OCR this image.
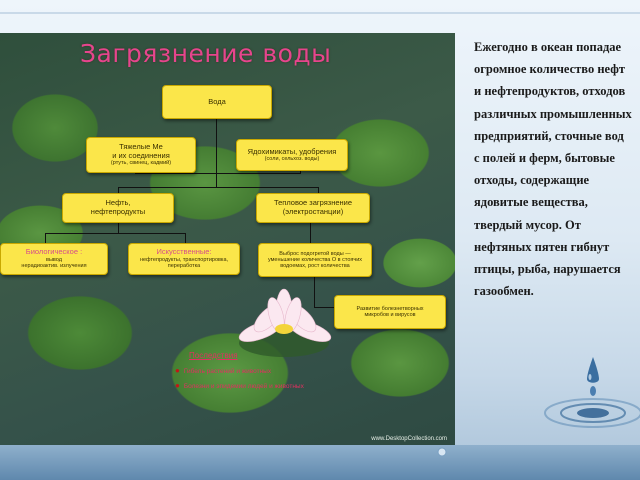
Загрязнение воды
Вода
Тяжелые Ме
и их соединения
(ртуть, свинец, кадмий)
Ядохимикаты, удобрения
(соли, сельхоз. воды)
Нефть,
нефтепродукты
Тепловое загрязнение
(электростанции)
Биологическое :
вывод
нерадиоактив. излучения
Искусственные:
нефтепродукты, транспортировка,
переработка
Выброс подогретой воды —
уменьшение количества О в стоячих
водоемах, рост количества
Развитие болезнетворных
микробов и вирусов
Последствия
● Гибель растений и животных
● Болезни и эпидемии людей и животных
www.DesktopCollection.com
Ежегодно в океан попадае
огромное количество нефт
и нефтепродуктов, отходов
различных промышленных
предприятий, сточные вод
с полей и ферм, бытовые
отходы, содержащие
ядовитые вещества,
твердый мусор. От
нефтяных пятен гибнут
птицы, рыба, нарушается
газообмен.
